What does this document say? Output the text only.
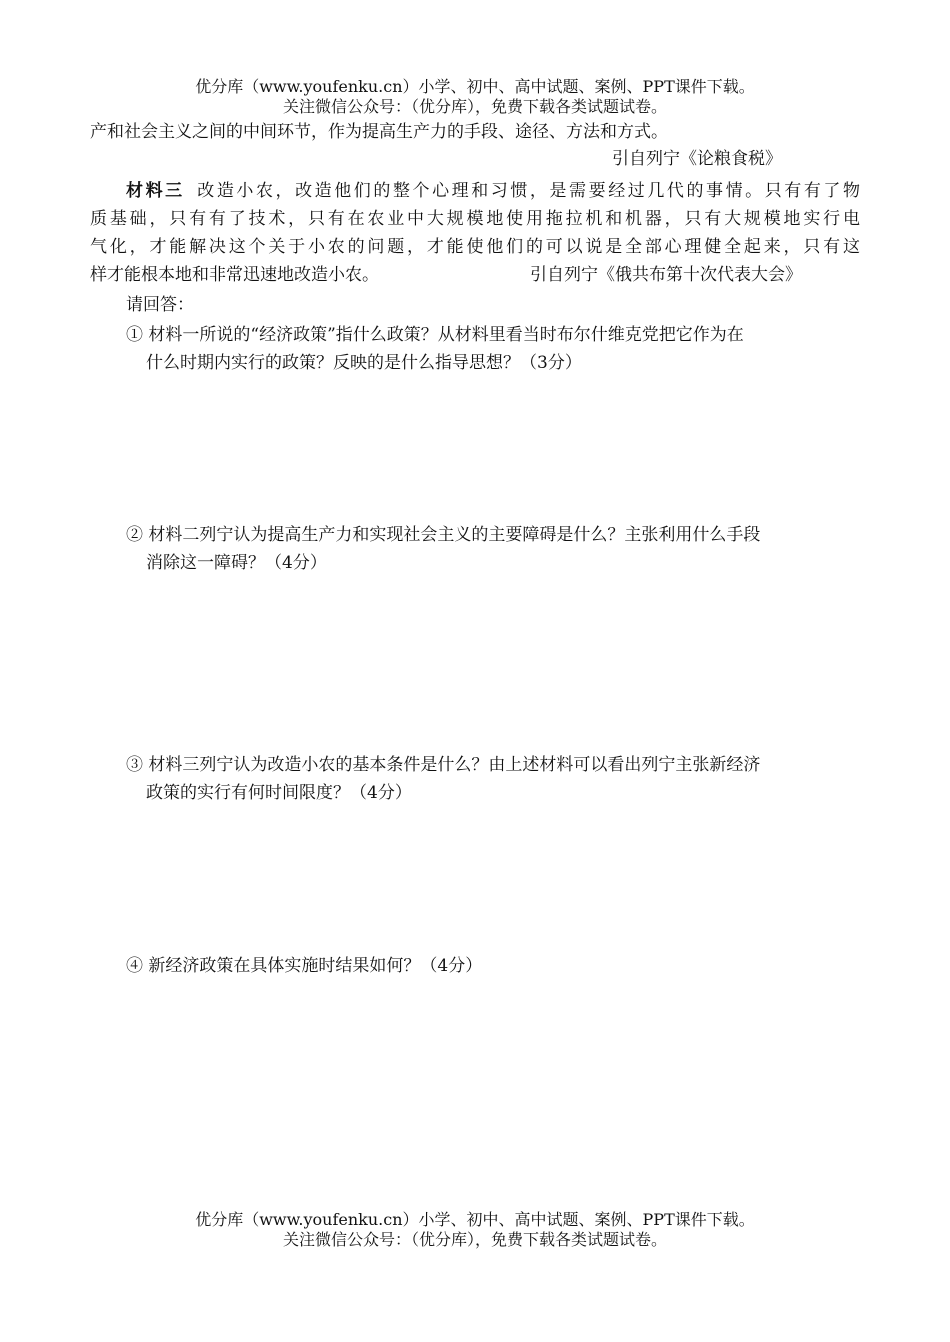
优分库（www.youfenku.cn）小学、初中、高中试题、案例、PPT课件下载。
关注微信公众号：（优分库），免费下载各类试题试卷。
产和社会主义之间的中间环节，作为提高生产力的手段、途径、方法和方式。
引自列宁《论粮食税》
材料三 改造小农，改造他们的整个心理和习惯，是需要经过几代的事情。只有有了物
质基础，只有有了技术，只有在农业中大规模地使用拖拉机和机器，只有大规模地实行电
气化，才能解决这个关于小农的问题，才能使他们的可以说是全部心理健全起来，只有这
样才能根本地和非常迅速地改造小农。	引自列宁《俄共布第十次代表大会》
请回答：
① 材料一所说的“经济政策”指什么政策？从材料里看当时布尔什维克党把它作为在
什么时期内实行的政策？反映的是什么指导思想？（3分）
② 材料二列宁认为提高生产力和实现社会主义的主要障碍是什么？主张利用什么手段
消除这一障碍？（4分）
③ 材料三列宁认为改造小农的基本条件是什么？由上述材料可以看出列宁主张新经济
政策的实行有何时间限度？（4分）
④ 新经济政策在具体实施时结果如何？（4分）
优分库（www.youfenku.cn）小学、初中、高中试题、案例、PPT课件下载。
关注微信公众号：（优分库），免费下载各类试题试卷。
